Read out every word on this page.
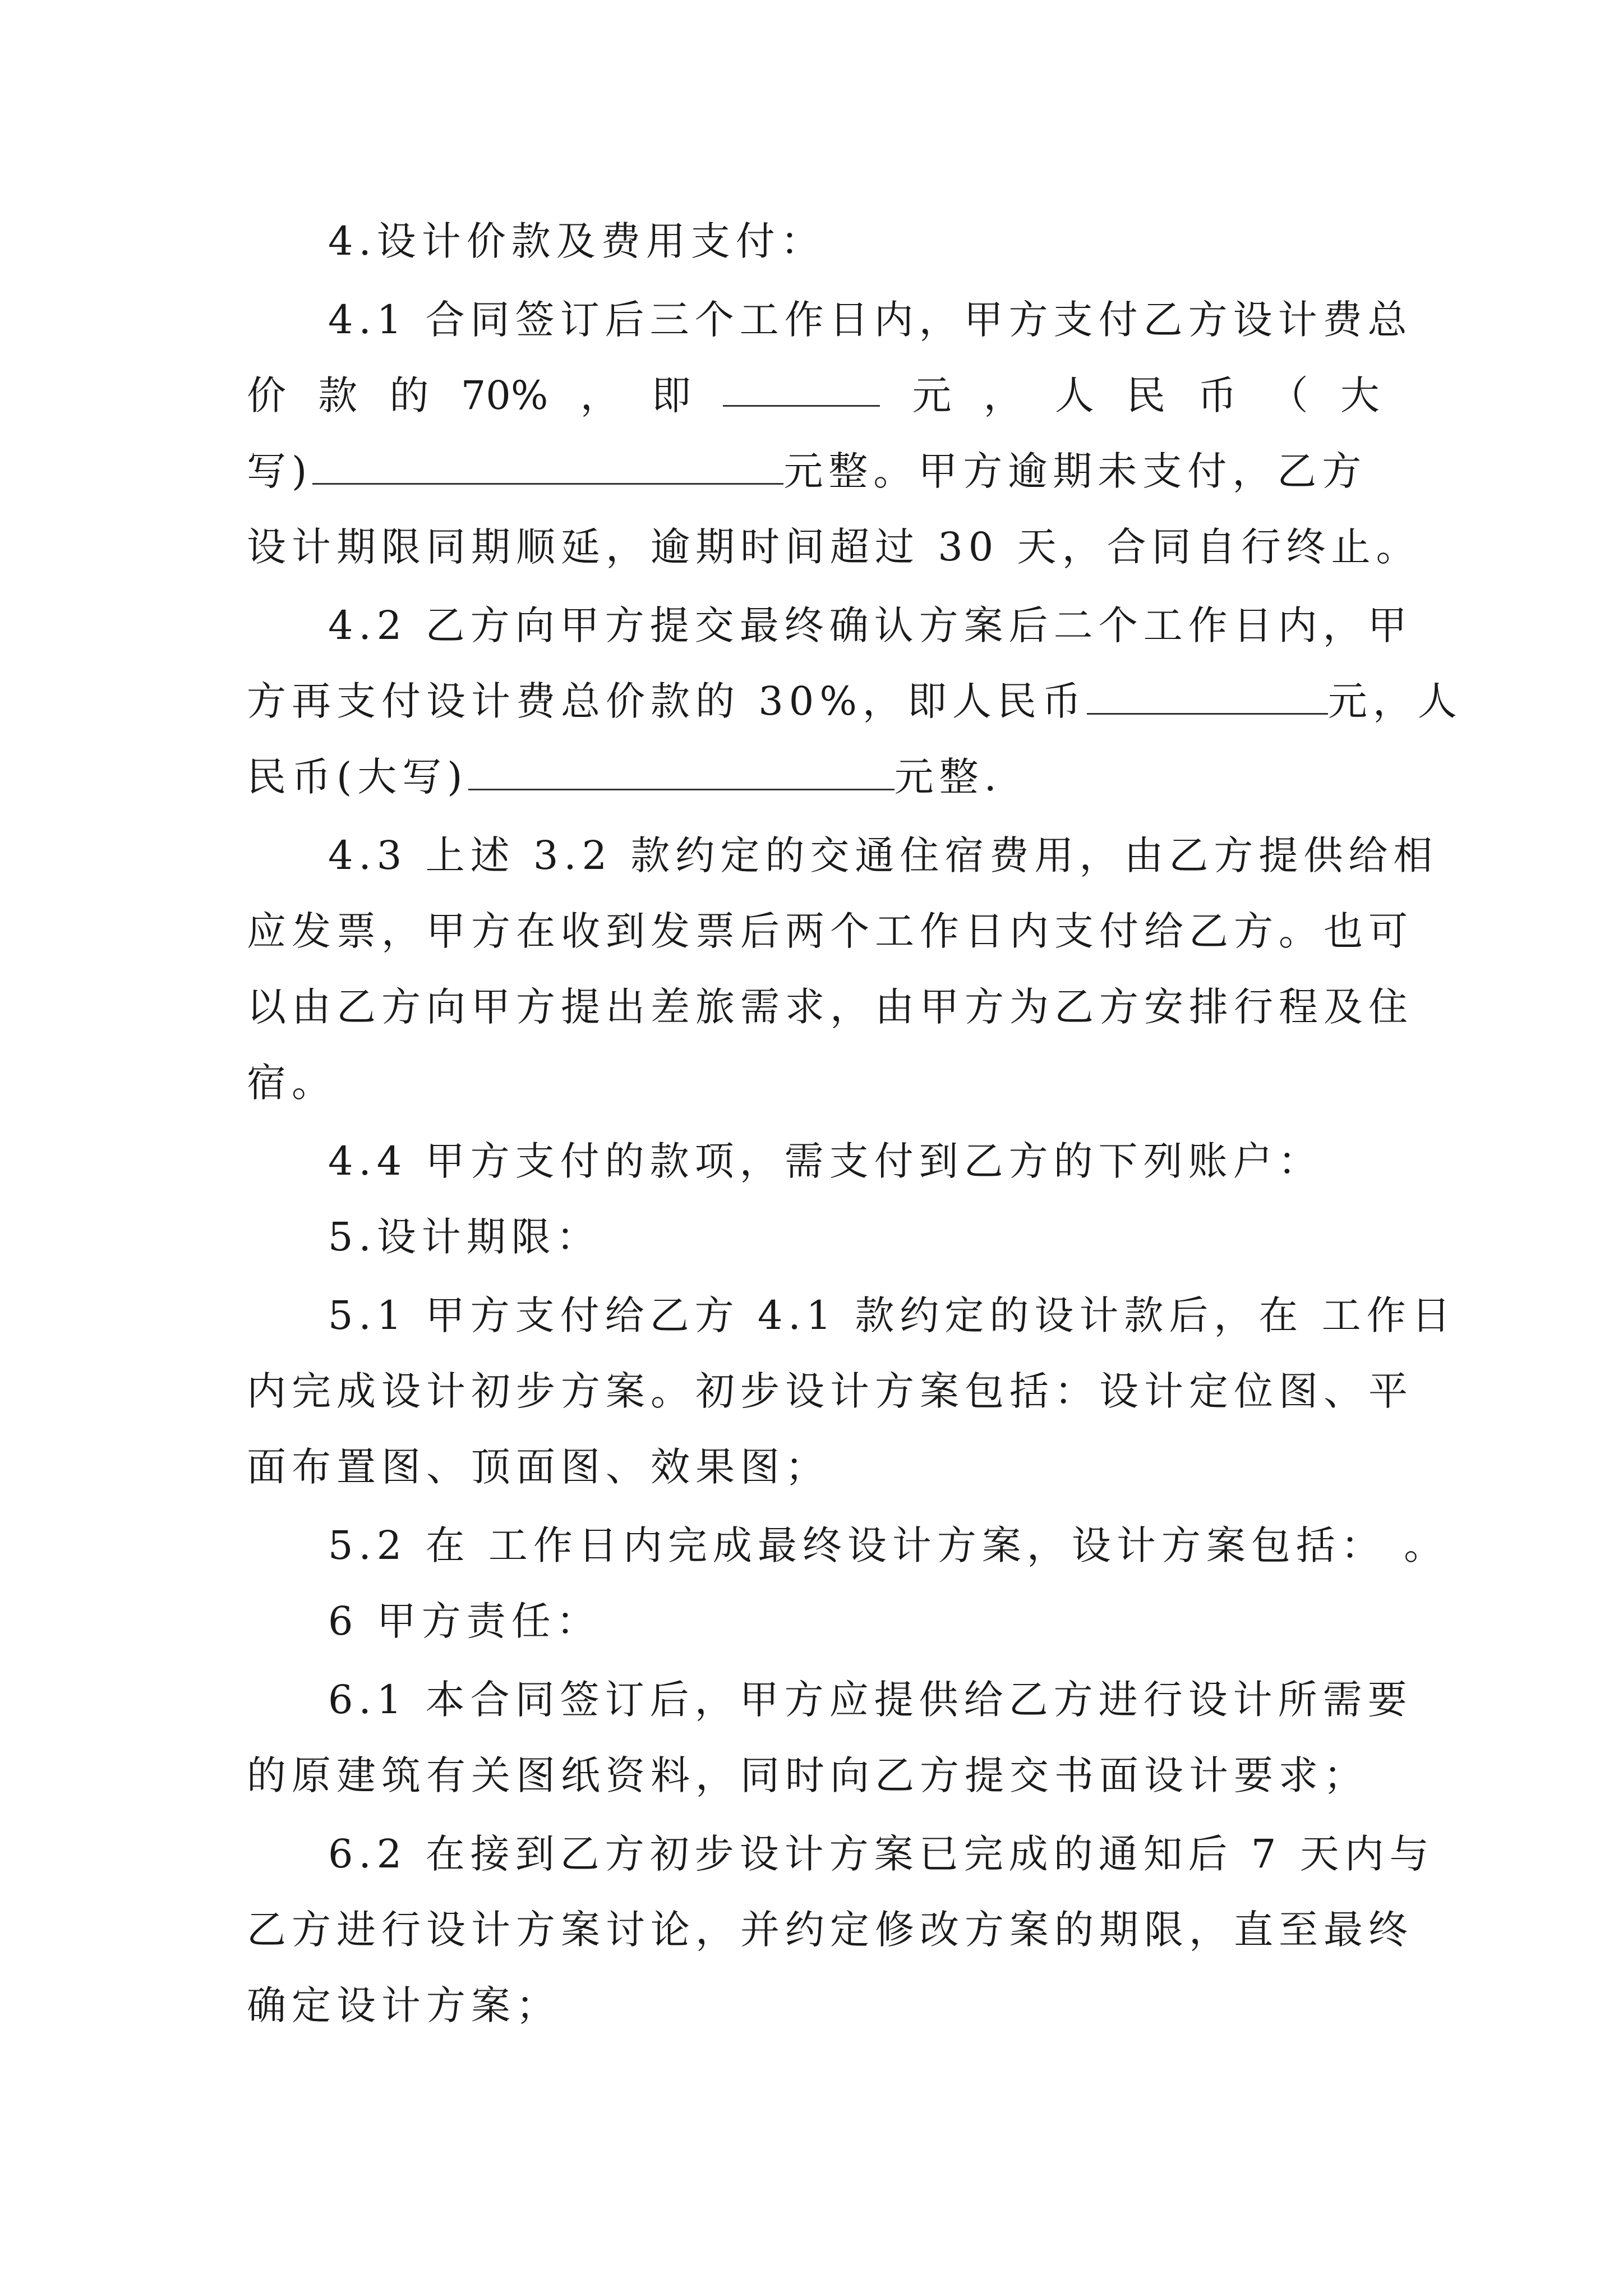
4.设计价款及费用支付：
4.1 合同签订后三个工作日内，甲方支付乙方设计费总
价 款 的 70% ， 即	元 ， 人 民 币 （ 大
写)	元整。甲方逾期未支付，乙方
设计期限同期顺延，逾期时间超过 30 天，合同自行终止。
4.2 乙方向甲方提交最终确认方案后二个工作日内，甲
方再支付设计费总价款的 30%，即人民币	元，人
民币(大写)	元整.
4.3 上述 3.2 款约定的交通住宿费用，由乙方提供给相
应发票，甲方在收到发票后两个工作日内支付给乙方。也可
以由乙方向甲方提出差旅需求，由甲方为乙方安排行程及住
宿。
4.4 甲方支付的款项，需支付到乙方的下列账户：
5.设计期限：
5.1 甲方支付给乙方 4.1 款约定的设计款后，在 工作日
内完成设计初步方案。初步设计方案包括：设计定位图、平
面布置图、顶面图、效果图；
5.2 在 工作日内完成最终设计方案，设计方案包括： 。
6 甲方责任：
6.1 本合同签订后，甲方应提供给乙方进行设计所需要
的原建筑有关图纸资料，同时向乙方提交书面设计要求；
6.2 在接到乙方初步设计方案已完成的通知后 7 天内与
乙方进行设计方案讨论，并约定修改方案的期限，直至最终
确定设计方案；
